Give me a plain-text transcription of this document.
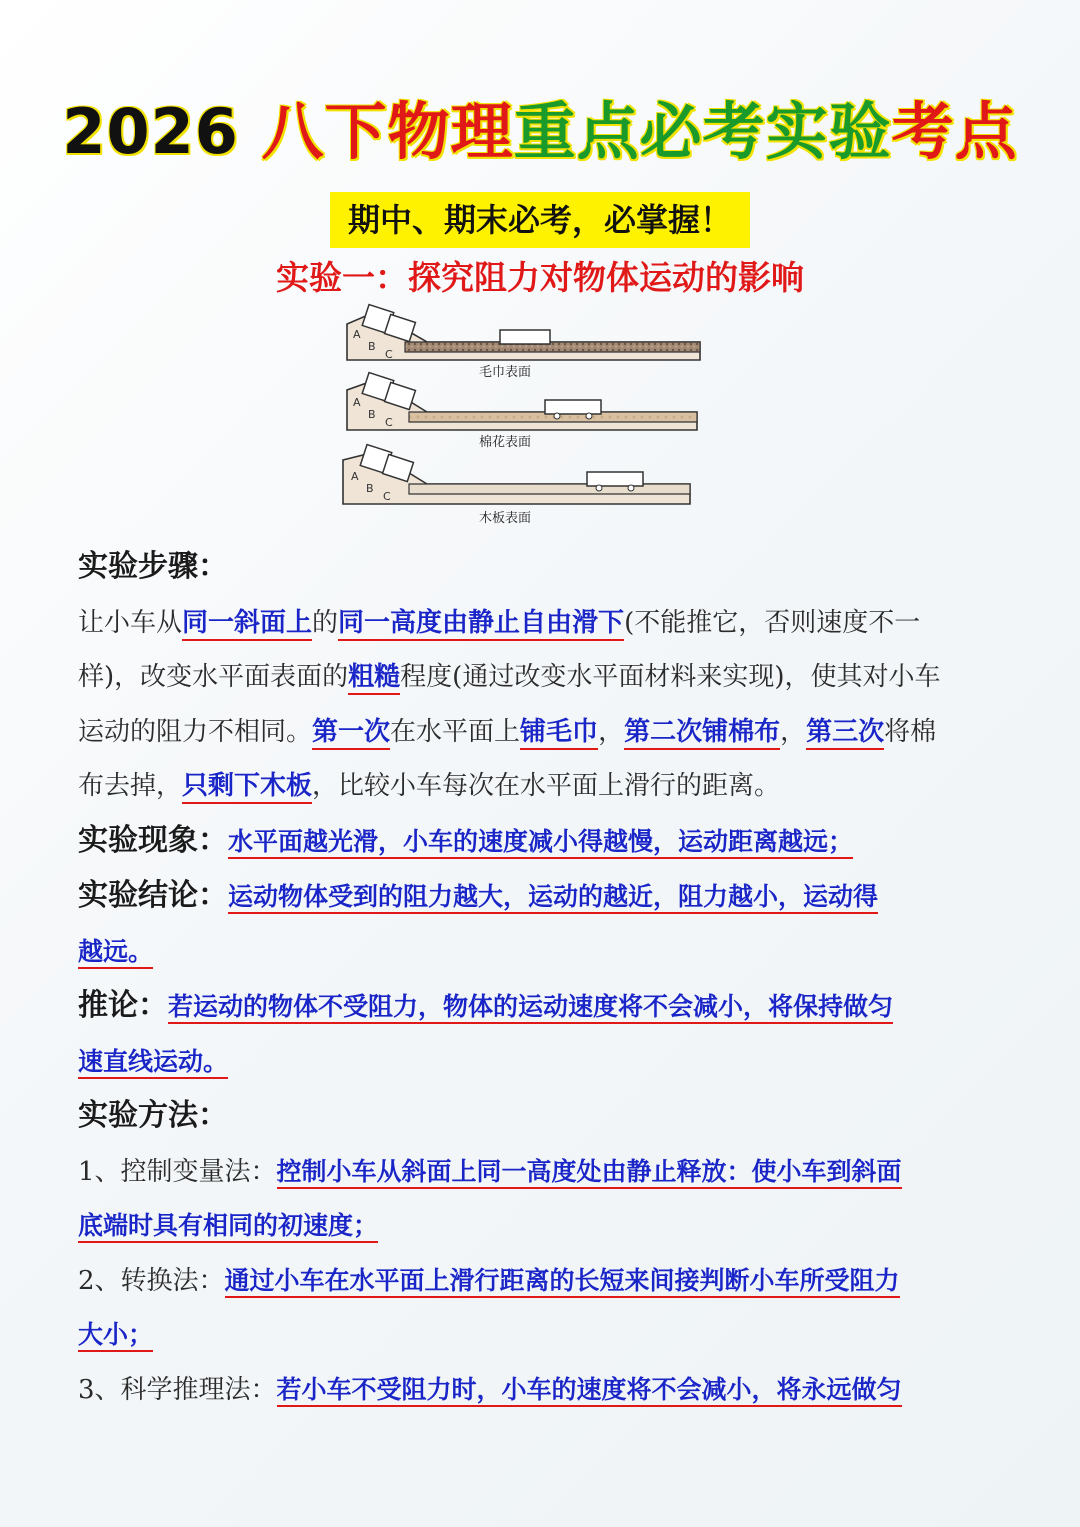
2026 八下物理重点必考实验考点
期中、期末必考，必掌握！
实验一：探究阻力对物体运动的影响
A
B
C
毛巾表面
A
B
C
棉花表面
A
B
C
木板表面
实验步骤：
让小车从同一斜面上的同一高度由静止自由滑下(不能推它，否则速度不一
样)，改变水平面表面的粗糙程度(通过改变水平面材料来实现)，使其对小车
运动的阻力不相同。第一次在水平面上铺毛巾，第二次铺棉布，第三次将棉
布去掉，只剩下木板，比较小车每次在水平面上滑行的距离。
实验现象：水平面越光滑，小车的速度减小得越慢，运动距离越远；
实验结论：运动物体受到的阻力越大，运动的越近，阻力越小，运动得
越远。
推论：若运动的物体不受阻力，物体的运动速度将不会减小，将保持做匀
速直线运动。
实验方法：
1、控制变量法：控制小车从斜面上同一高度处由静止释放：使小车到斜面
底端时具有相同的初速度；
2、转换法：通过小车在水平面上滑行距离的长短来间接判断小车所受阻力
大小；
3、科学推理法：若小车不受阻力时，小车的速度将不会减小，将永远做匀
